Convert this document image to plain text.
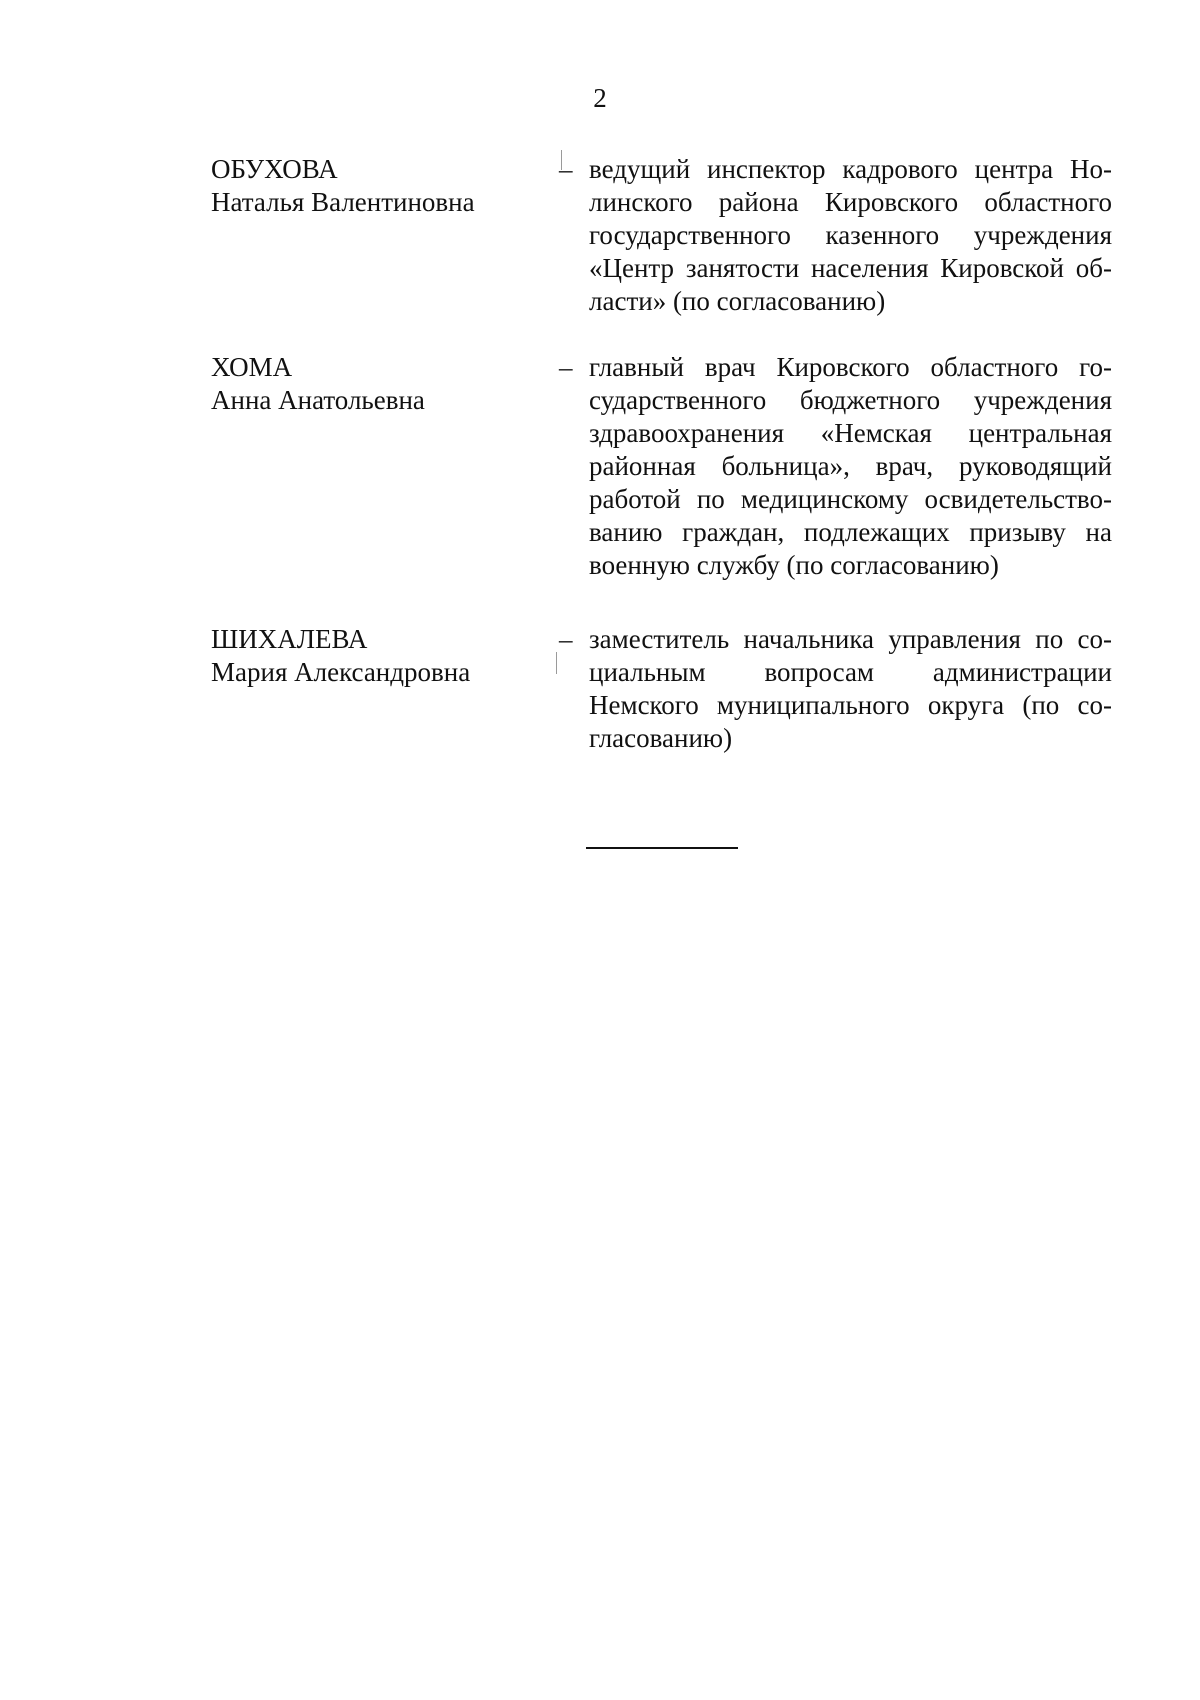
2
ОБУХОВА
Наталья Валентиновна
– ведущий инспектор кадрового центра Но-
линского района Кировского областного
государственного казенного учреждения
«Центр занятости населения Кировской об-
ласти» (по согласованию)
ХОМА
Анна Анатольевна
– главный врач Кировского областного го-
сударственного бюджетного учреждения
здравоохранения «Немская центральная
районная больница», врач, руководящий
работой по медицинскому освидетельство-
ванию граждан, подлежащих призыву на
военную службу (по согласованию)
ШИХАЛЕВА
Мария Александровна
– заместитель начальника управления по со-
циальным вопросам администрации
Немского муниципального округа (по со-
гласованию)
